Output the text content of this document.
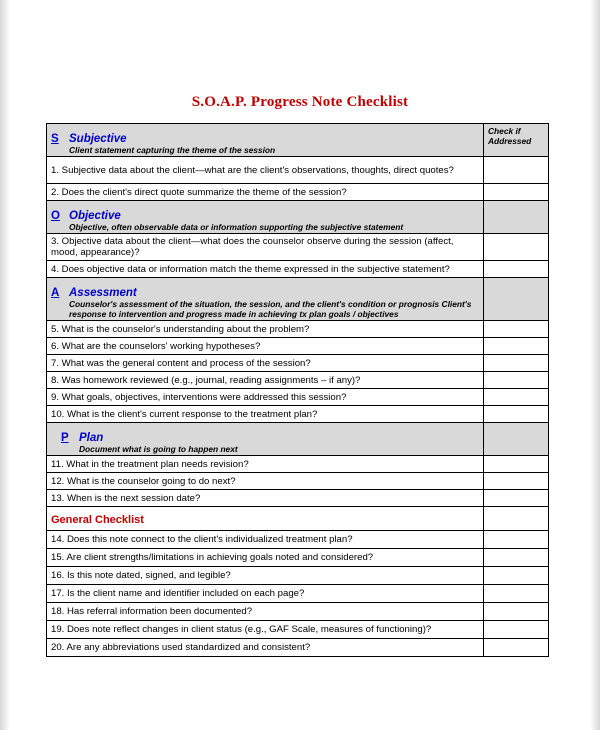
S.O.A.P. Progress Note Checklist
S Subjective
Client statement capturing the theme of the session	Check if Addressed
1. Subjective data about the client—what are the client's observations, thoughts, direct quotes?	
2. Does the client's direct quote summarize the theme of the session?	

O Objective
Objective, often observable data or information supporting the subjective statement	

3. Objective data about the client—what does the counselor observe during the session (affect, mood, appearance)?	
4. Does objective data or information match the theme expressed in the subjective statement?	

A Assessment
Counselor's assessment of the situation, the session, and the client's condition or prognosis Client's response to intervention and progress made in achieving tx plan goals / objectives	

5. What is the counselor's understanding about the problem?	
6. What are the counselors' working hypotheses?	
7. What was the general content and process of the session?	
8. Was homework reviewed (e.g., journal, reading assignments – if any)?	
9. What goals, objectives, interventions were addressed this session?	
10. What is the client's current response to the treatment plan?	

P Plan
Document what is going to happen next	

11. What in the treatment plan needs revision?	
12. What is the counselor going to do next?	
13. When is the next session date?	
General Checklist	
14. Does this note connect to the client's individualized treatment plan?	
15. Are client strengths/limitations in achieving goals noted and considered?	
16. Is this note dated, signed, and legible?	
17. Is the client name and identifier included on each page?	
18. Has referral information been documented?	
19. Does note reflect changes in client status (e.g., GAF Scale, measures of functioning)?	
20. Are any abbreviations used standardized and consistent?	
